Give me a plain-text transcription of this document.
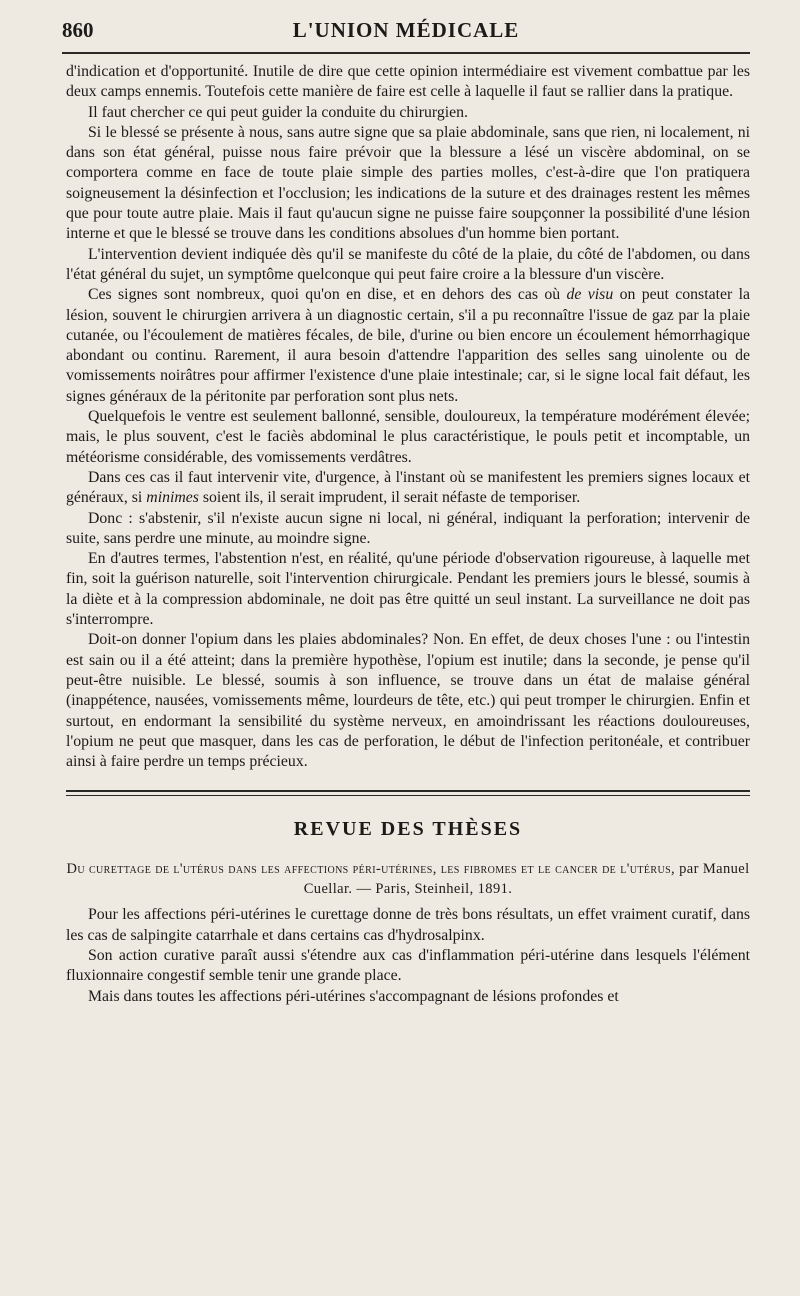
860	L'UNION MÉDICALE

d'indication et d'opportunité. Inutile de dire que cette opinion intermédiaire est vivement combattue par les deux camps ennemis. Toutefois cette manière de faire est celle à laquelle il faut se rallier dans la pratique.

Il faut chercher ce qui peut guider la conduite du chirurgien.

Si le blessé se présente à nous, sans autre signe que sa plaie abdominale, sans que rien, ni localement, ni dans son état général, puisse nous faire prévoir que la blessure a lésé un viscère abdominal, on se comportera comme en face de toute plaie simple des parties molles, c'est-à-dire que l'on pratiquera soigneusement la désinfection et l'occlusion; les indications de la suture et des drainages restent les mêmes que pour toute autre plaie. Mais il faut qu'aucun signe ne puisse faire soupçonner la possibilité d'une lésion interne et que le blessé se trouve dans les conditions absolues d'un homme bien portant.

L'intervention devient indiquée dès qu'il se manifeste du côté de la plaie, du côté de l'abdomen, ou dans l'état général du sujet, un symptôme quelconque qui peut faire croire a la blessure d'un viscère.

Ces signes sont nombreux, quoi qu'on en dise, et en dehors des cas où de visu on peut constater la lésion, souvent le chirurgien arrivera à un diagnostic certain, s'il a pu reconnaître l'issue de gaz par la plaie cutanée, ou l'écoulement de matières fécales, de bile, d'urine ou bien encore un écoulement hémorrhagique abondant ou continu. Rarement, il aura besoin d'attendre l'apparition des selles sang uinolente ou de vomissements noirâtres pour affirmer l'existence d'une plaie intestinale; car, si le signe local fait défaut, les signes généraux de la péritonite par perforation sont plus nets.

Quelquefois le ventre est seulement ballonné, sensible, douloureux, la température modérément élevée; mais, le plus souvent, c'est le faciès abdominal le plus caractéristique, le pouls petit et incomptable, un météorisme considérable, des vomissements verdâtres.

Dans ces cas il faut intervenir vite, d'urgence, à l'instant où se manifestent les premiers signes locaux et généraux, si minimes soient ils, il serait imprudent, il serait néfaste de temporiser.

Donc : s'abstenir, s'il n'existe aucun signe ni local, ni général, indiquant la perforation; intervenir de suite, sans perdre une minute, au moindre signe.

En d'autres termes, l'abstention n'est, en réalité, qu'une période d'observation rigoureuse, à laquelle met fin, soit la guérison naturelle, soit l'intervention chirurgicale. Pendant les premiers jours le blessé, soumis à la diète et à la compression abdominale, ne doit pas être quitté un seul instant. La surveillance ne doit pas s'interrompre.

Doit-on donner l'opium dans les plaies abdominales? Non. En effet, de deux choses l'une : ou l'intestin est sain ou il a été atteint; dans la première hypothèse, l'opium est inutile; dans la seconde, je pense qu'il peut-être nuisible. Le blessé, soumis à son influence, se trouve dans un état de malaise général (inappétence, nausées, vomissements même, lourdeurs de tête, etc.) qui peut tromper le chirurgien. Enfin et surtout, en endormant la sensibilité du système nerveux, en amoindrissant les réactions douloureuses, l'opium ne peut que masquer, dans les cas de perforation, le début de l'infection peritonéale, et contribuer ainsi à faire perdre un temps précieux.

REVUE DES THÈSES
Du curettage de l'utérus dans les affections péri-utérines, les fibromes et le cancer de l'utérus, par Manuel Cuellar. — Paris, Steinheil, 1891.

Pour les affections péri-utérines le curettage donne de très bons résultats, un effet vraiment curatif, dans les cas de salpingite catarrhale et dans certains cas d'hydrosalpinx.

Son action curative paraît aussi s'étendre aux cas d'inflammation péri-utérine dans lesquels l'élément fluxionnaire congestif semble tenir une grande place.

Mais dans toutes les affections péri-utérines s'accompagnant de lésions profondes et
